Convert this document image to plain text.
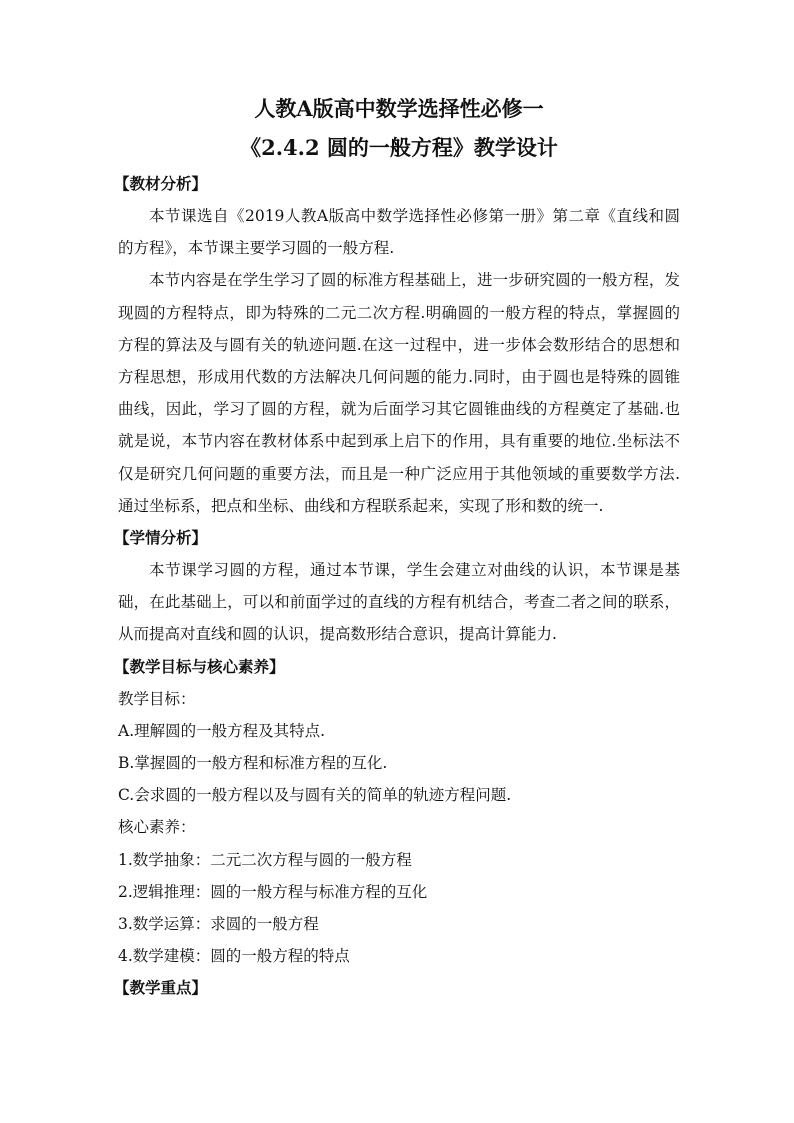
人教A版高中数学选择性必修一
《2.4.2 圆的一般方程》教学设计
【教材分析】

本节课选自《2019人教A版高中数学选择性必修第一册》第二章《直线和圆的方程》，本节课主要学习圆的一般方程.

本节内容是在学生学习了圆的标准方程基础上，进一步研究圆的一般方程，发现圆的方程特点，即为特殊的二元二次方程.明确圆的一般方程的特点，掌握圆的方程的算法及与圆有关的轨迹问题.在这一过程中，进一步体会数形结合的思想和方程思想，形成用代数的方法解决几何问题的能力.同时，由于圆也是特殊的圆锥曲线，因此，学习了圆的方程，就为后面学习其它圆锥曲线的方程奠定了基础.也就是说，本节内容在教材体系中起到承上启下的作用，具有重要的地位.坐标法不仅是研究几何问题的重要方法，而且是一种广泛应用于其他领域的重要数学方法.通过坐标系，把点和坐标、曲线和方程联系起来，实现了形和数的统一.

【学情分析】

本节课学习圆的方程，通过本节课，学生会建立对曲线的认识，本节课是基础，在此基础上，可以和前面学过的直线的方程有机结合，考查二者之间的联系，从而提高对直线和圆的认识，提高数形结合意识，提高计算能力.

【教学目标与核心素养】

教学目标：

A.理解圆的一般方程及其特点.

B.掌握圆的一般方程和标准方程的互化.

C.会求圆的一般方程以及与圆有关的简单的轨迹方程问题.

核心素养：

1.数学抽象：二元二次方程与圆的一般方程

2.逻辑推理：圆的一般方程与标准方程的互化

3.数学运算：求圆的一般方程

4.数学建模：圆的一般方程的特点

【教学重点】
